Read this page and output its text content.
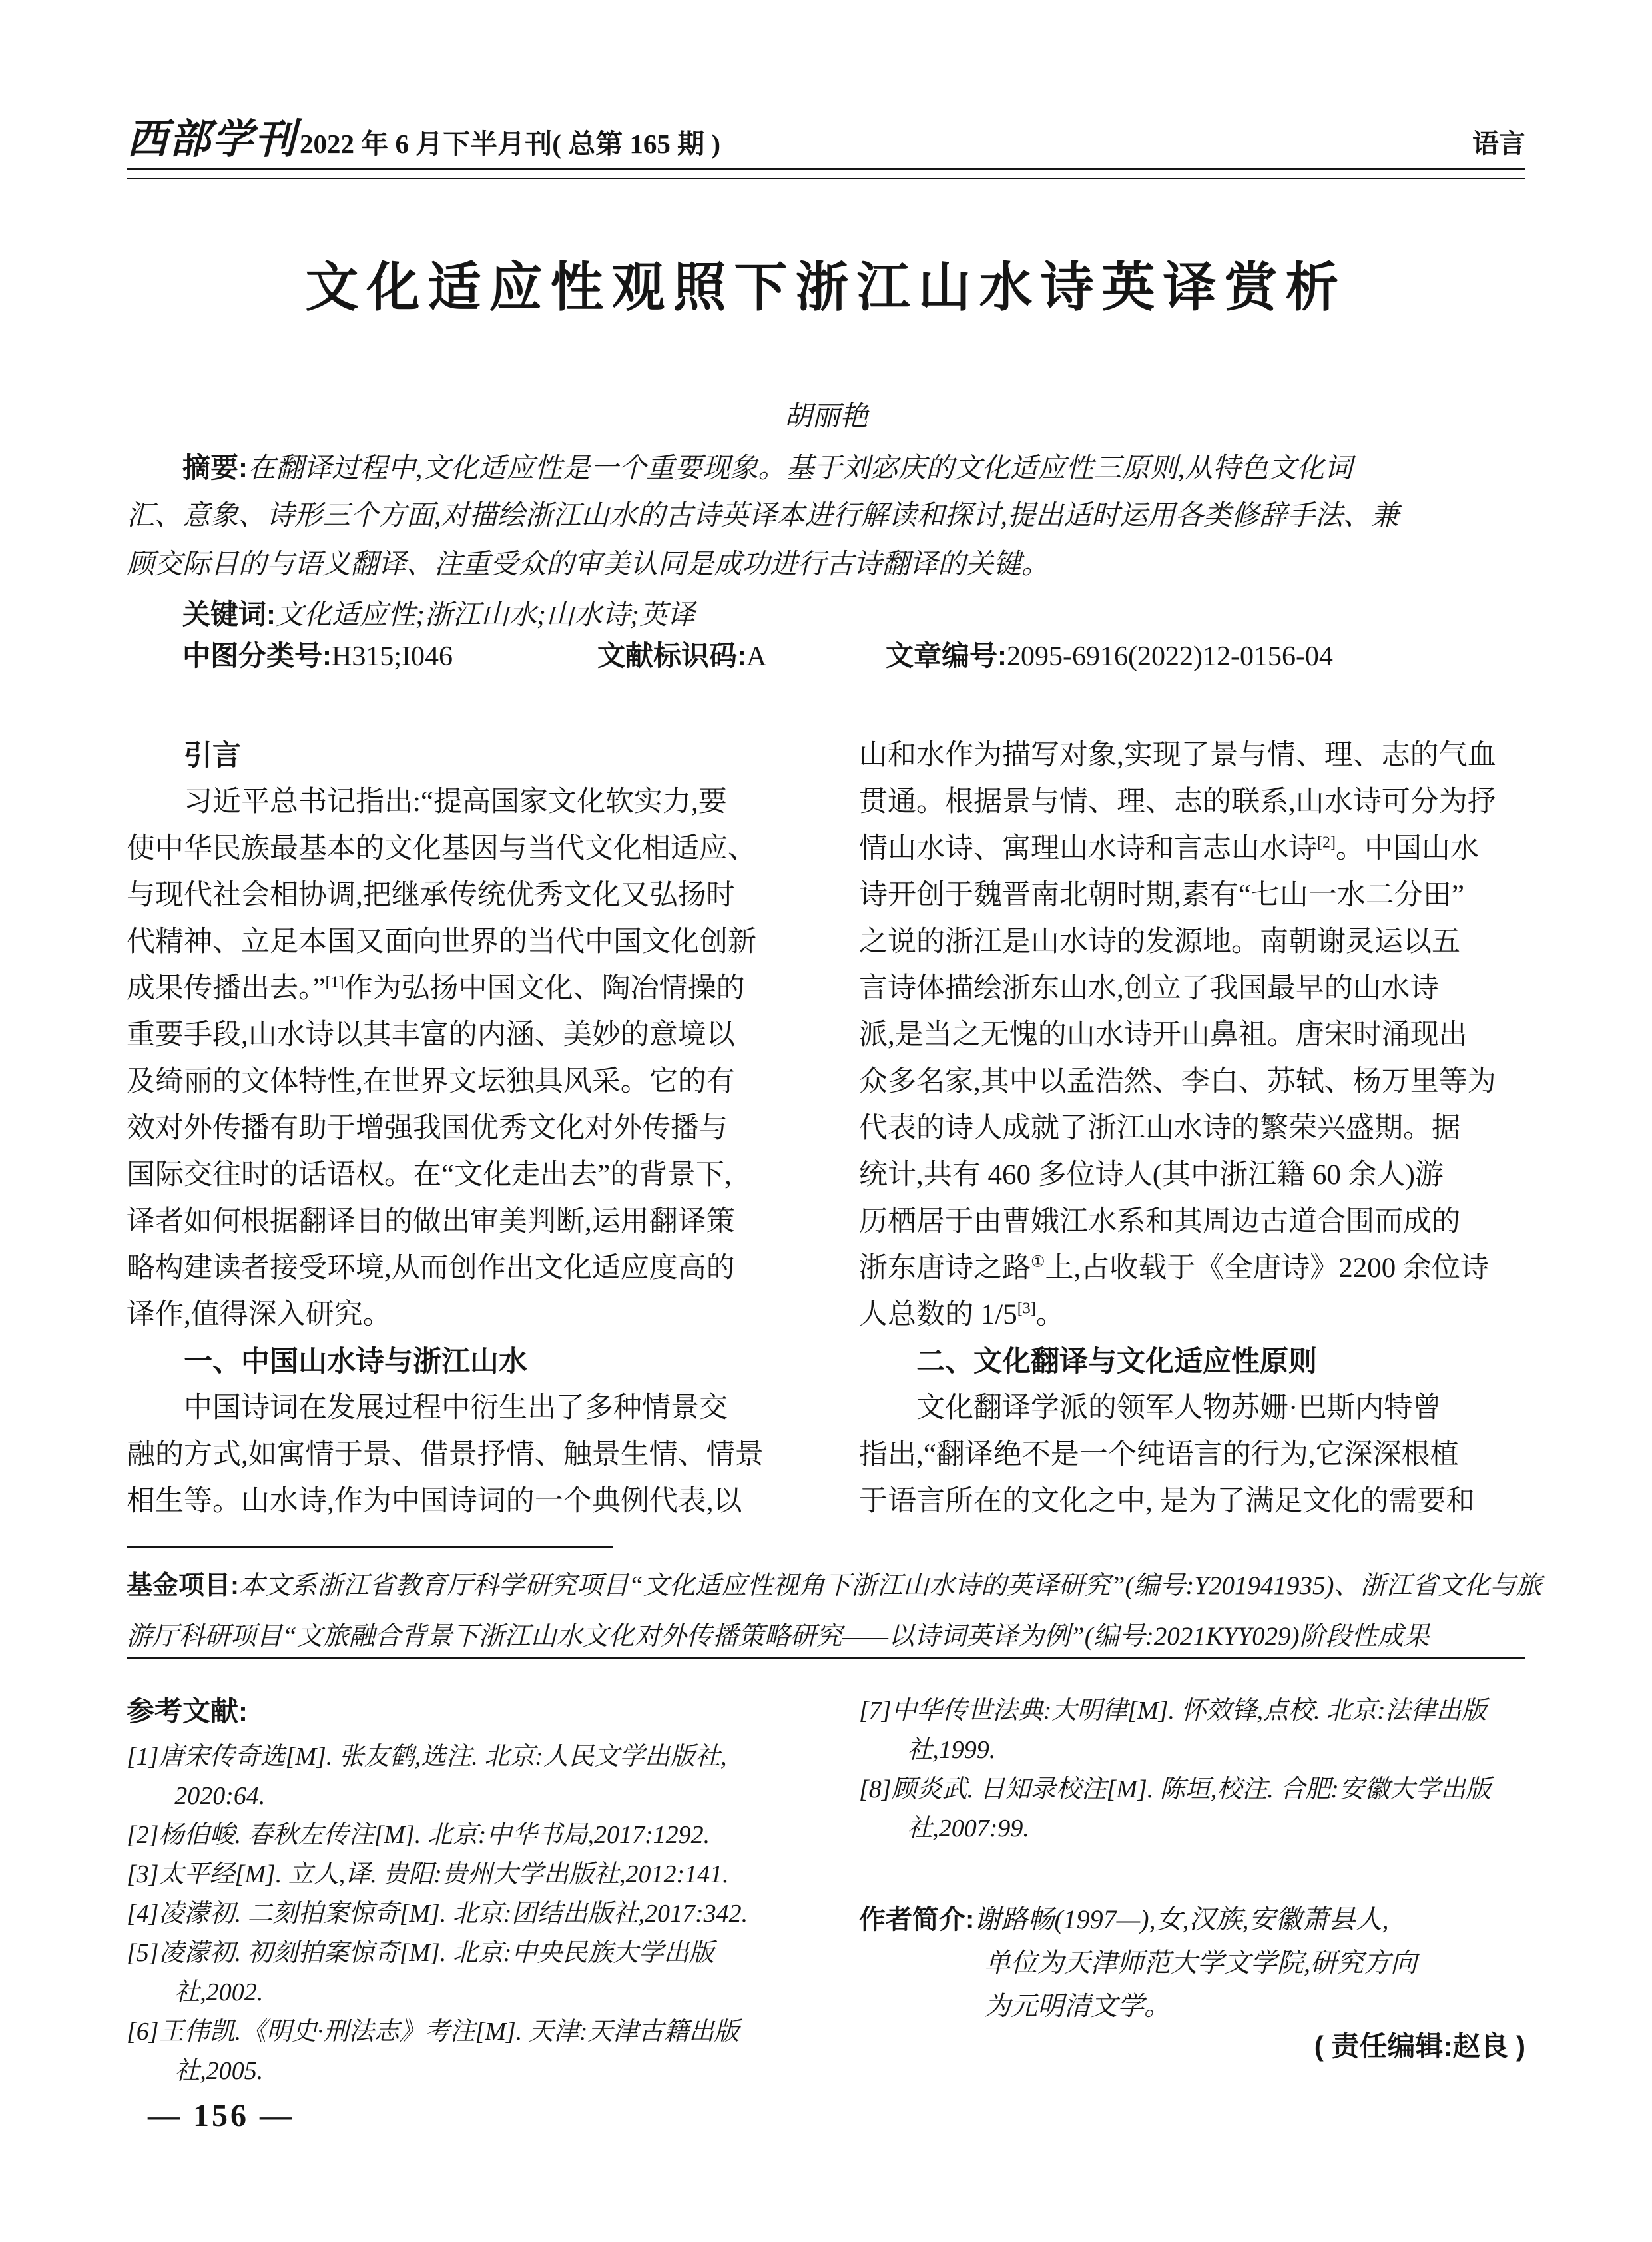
西部学刊2022 年 6 月下半月刊( 总第 165 期 )	语言
文化适应性观照下浙江山水诗英译赏析
胡丽艳
摘要:在翻译过程中,文化适应性是一个重要现象。基于刘宓庆的文化适应性三原则,从特色文化词
汇、意象、诗形三个方面,对描绘浙江山水的古诗英译本进行解读和探讨,提出适时运用各类修辞手法、兼
顾交际目的与语义翻译、注重受众的审美认同是成功进行古诗翻译的关键。
关键词:文化适应性;浙江山水;山水诗;英译
中图分类号:H315;I046	文献标识码:A	文章编号:2095-6916(2022)12-0156-04
引言
习近平总书记指出:“提高国家文化软实力,要
使中华民族最基本的文化基因与当代文化相适应、
与现代社会相协调,把继承传统优秀文化又弘扬时
代精神、立足本国又面向世界的当代中国文化创新
成果传播出去。”[1]作为弘扬中国文化、陶冶情操的
重要手段,山水诗以其丰富的内涵、美妙的意境以
及绮丽的文体特性,在世界文坛独具风采。它的有
效对外传播有助于增强我国优秀文化对外传播与
国际交往时的话语权。在“文化走出去”的背景下,
译者如何根据翻译目的做出审美判断,运用翻译策
略构建读者接受环境,从而创作出文化适应度高的
译作,值得深入研究。
一、中国山水诗与浙江山水
中国诗词在发展过程中衍生出了多种情景交
融的方式,如寓情于景、借景抒情、触景生情、情景
相生等。山水诗,作为中国诗词的一个典例代表,以
山和水作为描写对象,实现了景与情、理、志的气血
贯通。根据景与情、理、志的联系,山水诗可分为抒
情山水诗、寓理山水诗和言志山水诗[2]。中国山水
诗开创于魏晋南北朝时期,素有“七山一水二分田”
之说的浙江是山水诗的发源地。南朝谢灵运以五
言诗体描绘浙东山水,创立了我国最早的山水诗
派,是当之无愧的山水诗开山鼻祖。唐宋时涌现出
众多名家,其中以孟浩然、李白、苏轼、杨万里等为
代表的诗人成就了浙江山水诗的繁荣兴盛期。据
统计,共有 460 多位诗人(其中浙江籍 60 余人)游
历栖居于由曹娥江水系和其周边古道合围而成的
浙东唐诗之路①上,占收载于《全唐诗》2200 余位诗
人总数的 1/5[3]。
二、文化翻译与文化适应性原则
文化翻译学派的领军人物苏姗·巴斯内特曾
指出,“翻译绝不是一个纯语言的行为,它深深根植
于语言所在的文化之中, 是为了满足文化的需要和
基金项目:本文系浙江省教育厅科学研究项目“文化适应性视角下浙江山水诗的英译研究”(编号:Y201941935)、浙江省文化与旅
游厅科研项目“文旅融合背景下浙江山水文化对外传播策略研究——以诗词英译为例”(编号:2021KYY029)阶段性成果
参考文献:
[1]唐宋传奇选[M]. 张友鹤,选注. 北京:人民文学出版社,
2020:64.
[2]杨伯峻. 春秋左传注[M]. 北京:中华书局,2017:1292.
[3]太平经[M]. 立人,译. 贵阳:贵州大学出版社,2012:141.
[4]凌濛初. 二刻拍案惊奇[M]. 北京:团结出版社,2017:342.
[5]凌濛初. 初刻拍案惊奇[M]. 北京:中央民族大学出版
社,2002.
[6]王伟凯.《明史·刑法志》考注[M]. 天津:天津古籍出版
社,2005.
[7]中华传世法典:大明律[M]. 怀效锋,点校. 北京:法律出版
社,1999.
[8]顾炎武. 日知录校注[M]. 陈垣,校注. 合肥:安徽大学出版
社,2007:99.
作者简介:谢路畅(1997—),女,汉族,安徽萧县人,
单位为天津师范大学文学院,研究方向
为元明清文学。
( 责任编辑:赵良 )
— 156 —
